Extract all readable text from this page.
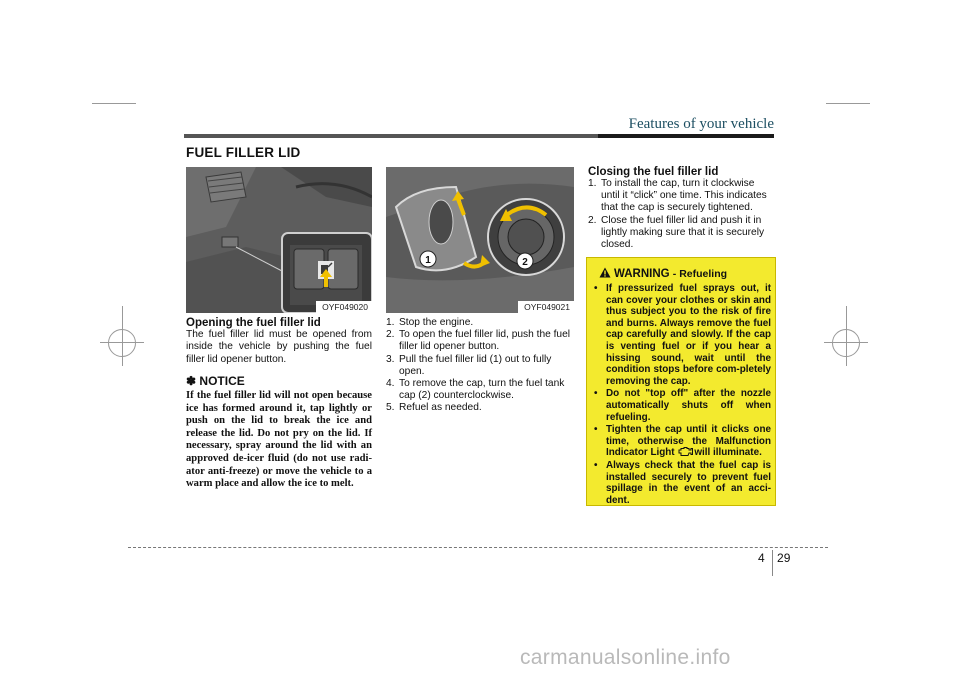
Features of your vehicle
FUEL FILLER LID
OYF049020
1	2
OYF049021
Opening the fuel filler lid
The fuel filler lid must be opened from inside the vehicle by pushing the fuel filler lid opener button.
✽ NOTICE
If the fuel filler lid will not open because ice has formed around it, tap lightly or push on the lid to break the ice and release the lid. Do not pry on the lid. If necessary, spray around the lid with an approved de-icer fluid (do not use radi-ator anti-freeze) or move the vehicle to a warm place and allow the ice to melt.
1. Stop the engine.
2. To open the fuel filler lid, push the fuel filler lid opener button.
3. Pull the fuel filler lid (1) out to fully open.
4. To remove the cap, turn the fuel tank cap (2) counterclockwise.
5. Refuel as needed.
Closing the fuel filler lid
1. To install the cap, turn it clockwise until it “click” one time. This indicates that the cap is securely tightened.
2. Close the fuel filler lid and push it in lightly making sure that it is securely closed.
WARNING - Refueling
• If pressurized fuel sprays out, it can cover your clothes or skin and thus subject you to the risk of fire and burns. Always remove the fuel cap carefully and slowly. If the cap is venting fuel or if you hear a hissing sound, wait until the condition stops before com-pletely removing the cap.
• Do not "top off" after the nozzle automatically shuts off when refueling.
• Tighten the cap until it clicks one time, otherwise the Malfunction Indicator Light will illuminate.
• Always check that the fuel cap is installed securely to prevent fuel spillage in the event of an acci-dent.
4 29
carmanualsonline.info
